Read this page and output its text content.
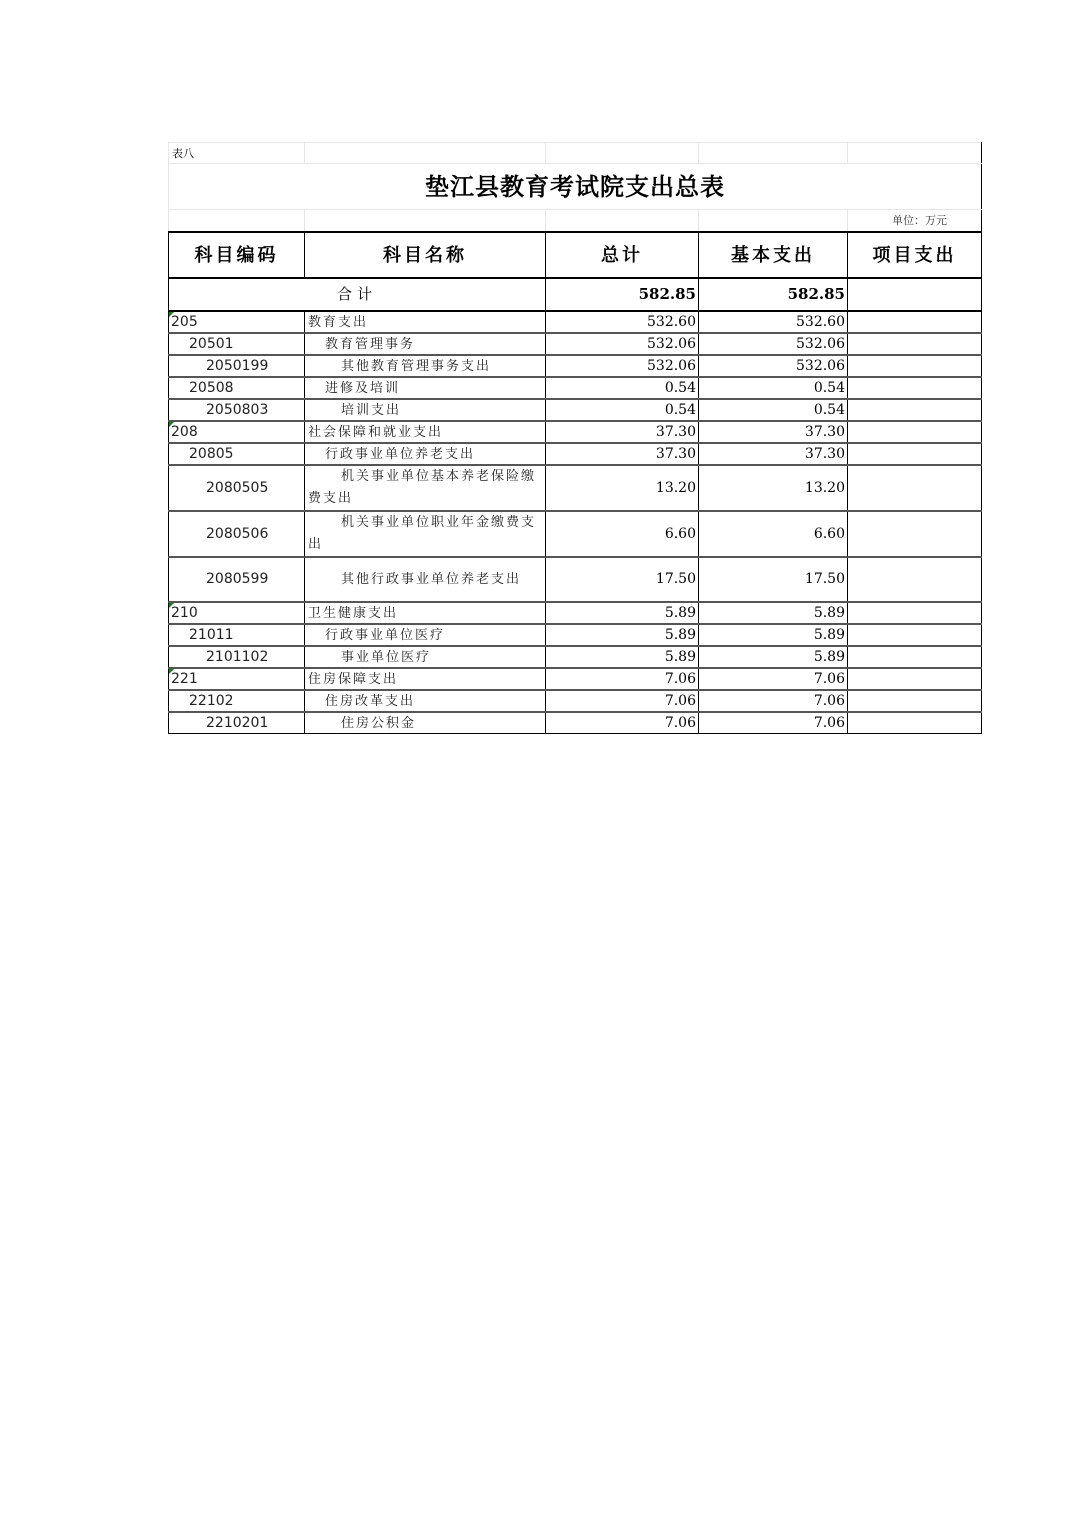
表八				
垫江县教育考试院支出总表				
				单位：万元
科目编码	科目名称	总计	基本支出	项目支出
合计		582.85	582.85	
205	教育支出	532.60	532.60	
20501	教育管理事务	532.06	532.06	
2050199	其他教育管理事务支出	532.06	532.06	
20508	进修及培训	0.54	0.54	
2050803	培训支出	0.54	0.54	
208	社会保障和就业支出	37.30	37.30	
20805	行政事业单位养老支出	37.30	37.30	
2080505	机关事业单位基本养老保险缴费支出	13.20	13.20	
2080506	机关事业单位职业年金缴费支出	6.60	6.60	
2080599	其他行政事业单位养老支出	17.50	17.50	
210	卫生健康支出	5.89	5.89	
21011	行政事业单位医疗	5.89	5.89	
2101102	事业单位医疗	5.89	5.89	
221	住房保障支出	7.06	7.06	
22102	住房改革支出	7.06	7.06	
2210201	住房公积金	7.06	7.06	
